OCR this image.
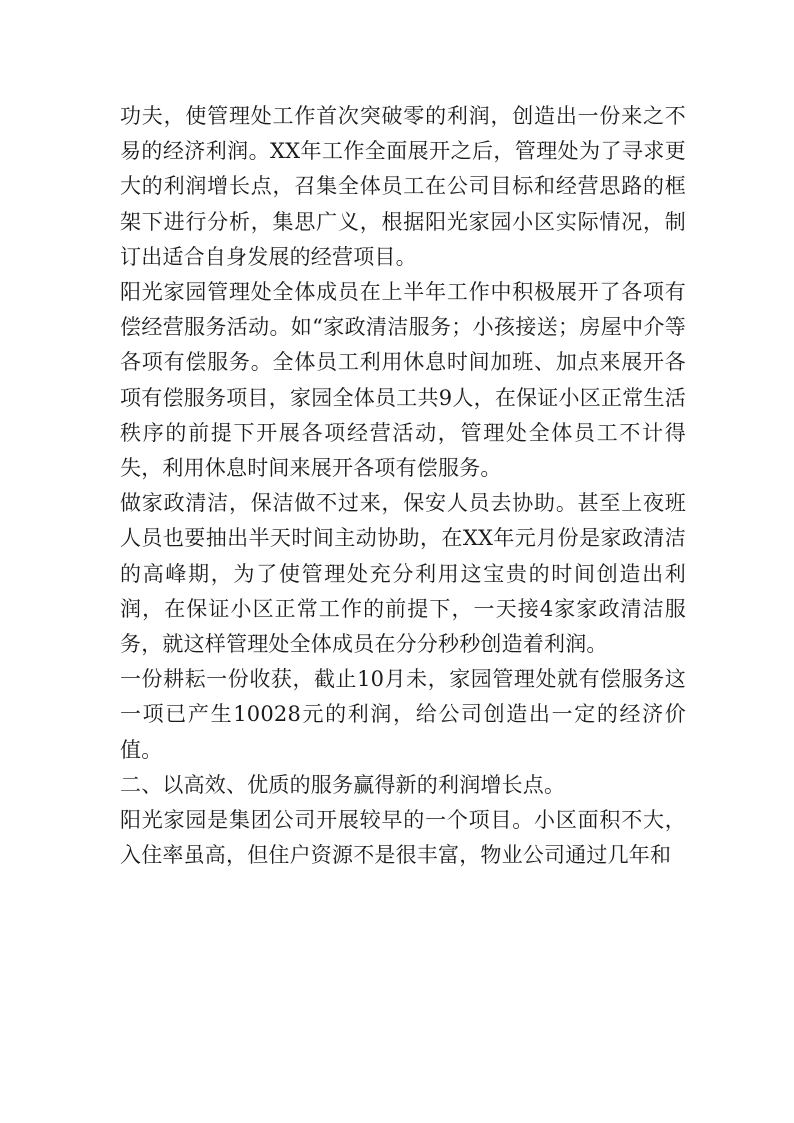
功夫，使管理处工作首次突破零的利润，创造出一份来之不易的经济利润。XX年工作全面展开之后，管理处为了寻求更大的利润增长点，召集全体员工在公司目标和经营思路的框架下进行分析，集思广义，根据阳光家园小区实际情况，制订出适合自身发展的经营项目。

阳光家园管理处全体成员在上半年工作中积极展开了各项有偿经营服务活动。如“家政清洁服务；小孩接送；房屋中介等各项有偿服务。全体员工利用休息时间加班、加点来展开各项有偿服务项目，家园全体员工共9人，在保证小区正常生活秩序的前提下开展各项经营活动，管理处全体员工不计得失，利用休息时间来展开各项有偿服务。

做家政清洁，保洁做不过来，保安人员去协助。甚至上夜班人员也要抽出半天时间主动协助，在XX年元月份是家政清洁的高峰期，为了使管理处充分利用这宝贵的时间创造出利润，在保证小区正常工作的前提下，一天接4家家政清洁服务，就这样管理处全体成员在分分秒秒创造着利润。

一份耕耘一份收获，截止10月未，家园管理处就有偿服务这一项已产生10028元的利润，给公司创造出一定的经济价值。

二、以高效、优质的服务赢得新的利润增长点。

阳光家园是集团公司开展较早的一个项目。小区面积不大，入住率虽高，但住户资源不是很丰富，物业公司通过几年和
